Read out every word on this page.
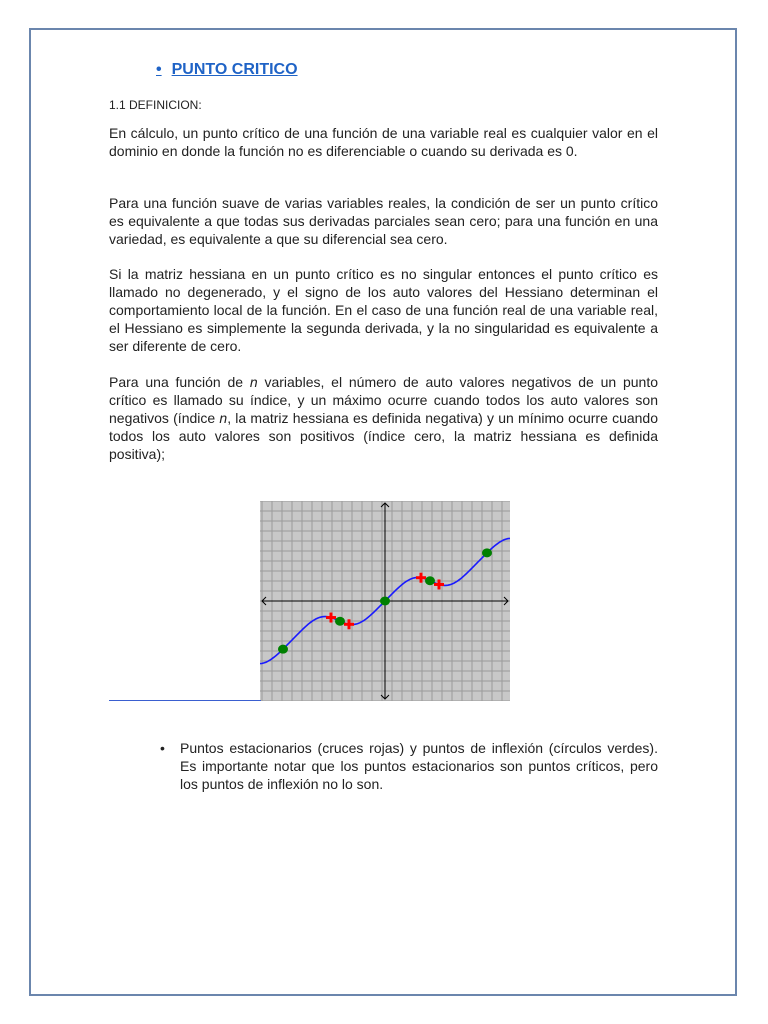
• PUNTO CRITICO
1.1 DEFINICION:

En cálculo, un punto crítico de una función de una variable real es cualquier valor en el dominio en donde la función no es diferenciable o cuando su derivada es 0.

Para una función suave de varias variables reales, la condición de ser un punto crítico es equivalente a que todas sus derivadas parciales sean cero; para una función en una variedad, es equivalente a que su diferencial sea cero.

Si la matriz hessiana en un punto crítico es no singular entonces el punto crítico es llamado no degenerado, y el signo de los auto valores del Hessiano determinan el comportamiento local de la función. En el caso de una función real de una variable real, el Hessiano es simplemente la segunda derivada, y la no singularidad es equivalente a ser diferente de cero.

Para una función de n variables, el número de auto valores negativos de un punto crítico es llamado su índice, y un máximo ocurre cuando todos los auto valores son negativos (índice n, la matriz hessiana es definida negativa) y un mínimo ocurre cuando todos los auto valores son positivos (índice cero, la matriz hessiana es definida positiva);

• Puntos estacionarios (cruces rojas) y puntos de inflexión (círculos verdes). Es importante notar que los puntos estacionarios son puntos críticos, pero los puntos de inflexión no lo son.
